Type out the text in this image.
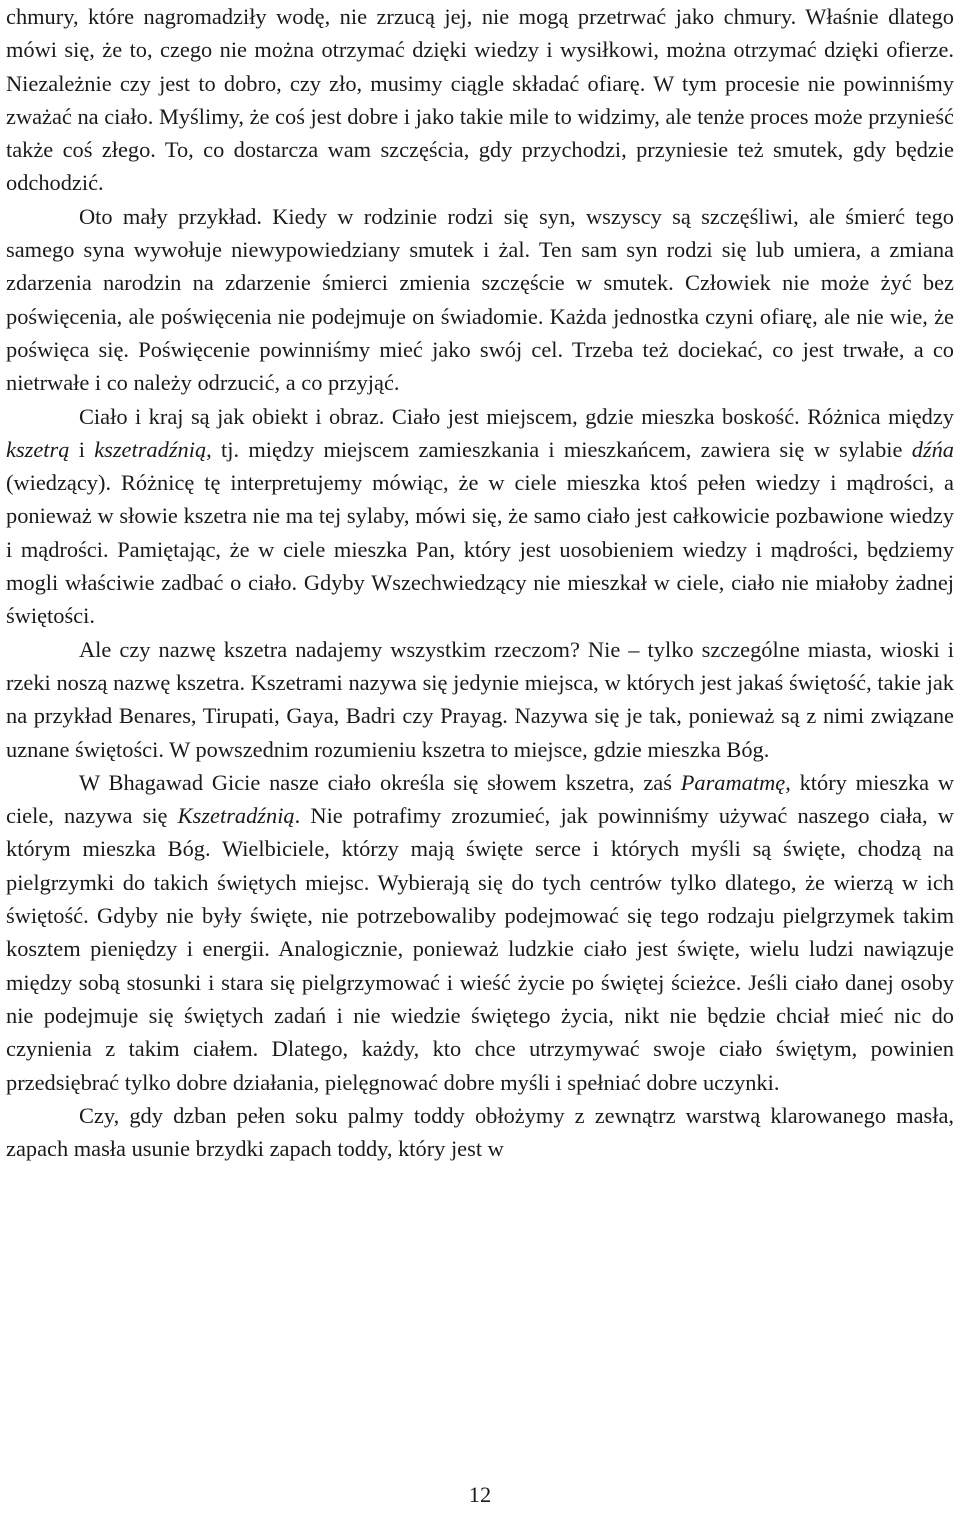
chmury, które nagromadziły wodę, nie zrzucą jej, nie mogą przetrwać jako chmury. Właśnie dlatego mówi się, że to, czego nie można otrzymać dzięki wiedzy i wysiłkowi, można otrzymać dzięki ofierze. Niezależnie czy jest to dobro, czy zło, musimy ciągle składać ofiarę. W tym procesie nie powinniśmy zważać na ciało. Myślimy, że coś jest dobre i jako takie mile to widzimy, ale tenże proces może przynieść także coś złego. To, co dostarcza wam szczęścia, gdy przychodzi, przyniesie też smutek, gdy będzie odchodzić.

Oto mały przykład. Kiedy w rodzinie rodzi się syn, wszyscy są szczęśliwi, ale śmierć tego samego syna wywołuje niewypowiedziany smutek i żal. Ten sam syn rodzi się lub umiera, a zmiana zdarzenia narodzin na zdarzenie śmierci zmienia szczęście w smutek. Człowiek nie może żyć bez poświęcenia, ale poświęcenia nie podejmuje on świadomie. Każda jednostka czyni ofiarę, ale nie wie, że poświęca się. Poświęcenie powinniśmy mieć jako swój cel. Trzeba też dociekać, co jest trwałe, a co nietrwałe i co należy odrzucić, a co przyjąć.

Ciało i kraj są jak obiekt i obraz. Ciało jest miejscem, gdzie mieszka boskość. Różnica między kszetrą i kszetradźnią, tj. między miejscem zamieszkania i mieszkańcem, zawiera się w sylabie dźńa (wiedzący). Różnicę tę interpretujemy mówiąc, że w ciele mieszka ktoś pełen wiedzy i mądrości, a ponieważ w słowie kszetra nie ma tej sylaby, mówi się, że samo ciało jest całkowicie pozbawione wiedzy i mądrości. Pamiętając, że w ciele mieszka Pan, który jest uosobieniem wiedzy i mądrości, będziemy mogli właściwie zadbać o ciało. Gdyby Wszechwiedzący nie mieszkał w ciele, ciało nie miałoby żadnej świętości.

Ale czy nazwę kszetra nadajemy wszystkim rzeczom? Nie – tylko szczególne miasta, wioski i rzeki noszą nazwę kszetra. Kszetrami nazywa się jedynie miejsca, w których jest jakaś świętość, takie jak na przykład Benares, Tirupati, Gaya, Badri czy Prayag. Nazywa się je tak, ponieważ są z nimi związane uznane świętości. W powszednim rozumieniu kszetra to miejsce, gdzie mieszka Bóg.

W Bhagawad Gicie nasze ciało określa się słowem kszetra, zaś Paramatmę, który mieszka w ciele, nazywa się Kszetradźnią. Nie potrafimy zrozumieć, jak powinniśmy używać naszego ciała, w którym mieszka Bóg. Wielbiciele, którzy mają święte serce i których myśli są święte, chodzą na pielgrzymki do takich świętych miejsc. Wybierają się do tych centrów tylko dlatego, że wierzą w ich świętość. Gdyby nie były święte, nie potrzebowaliby podejmować się tego rodzaju pielgrzymek takim kosztem pieniędzy i energii. Analogicznie, ponieważ ludzkie ciało jest święte, wielu ludzi nawiązuje między sobą stosunki i stara się pielgrzymować i wieść życie po świętej ścieżce. Jeśli ciało danej osoby nie podejmuje się świętych zadań i nie wiedzie świętego życia, nikt nie będzie chciał mieć nic do czynienia z takim ciałem. Dlatego, każdy, kto chce utrzymywać swoje ciało świętym, powinien przedsiębrać tylko dobre działania, pielęgnować dobre myśli i spełniać dobre uczynki.

Czy, gdy dzban pełen soku palmy toddy obłożymy z zewnątrz warstwą klarowanego masła, zapach masła usunie brzydki zapach toddy, który jest w

12
